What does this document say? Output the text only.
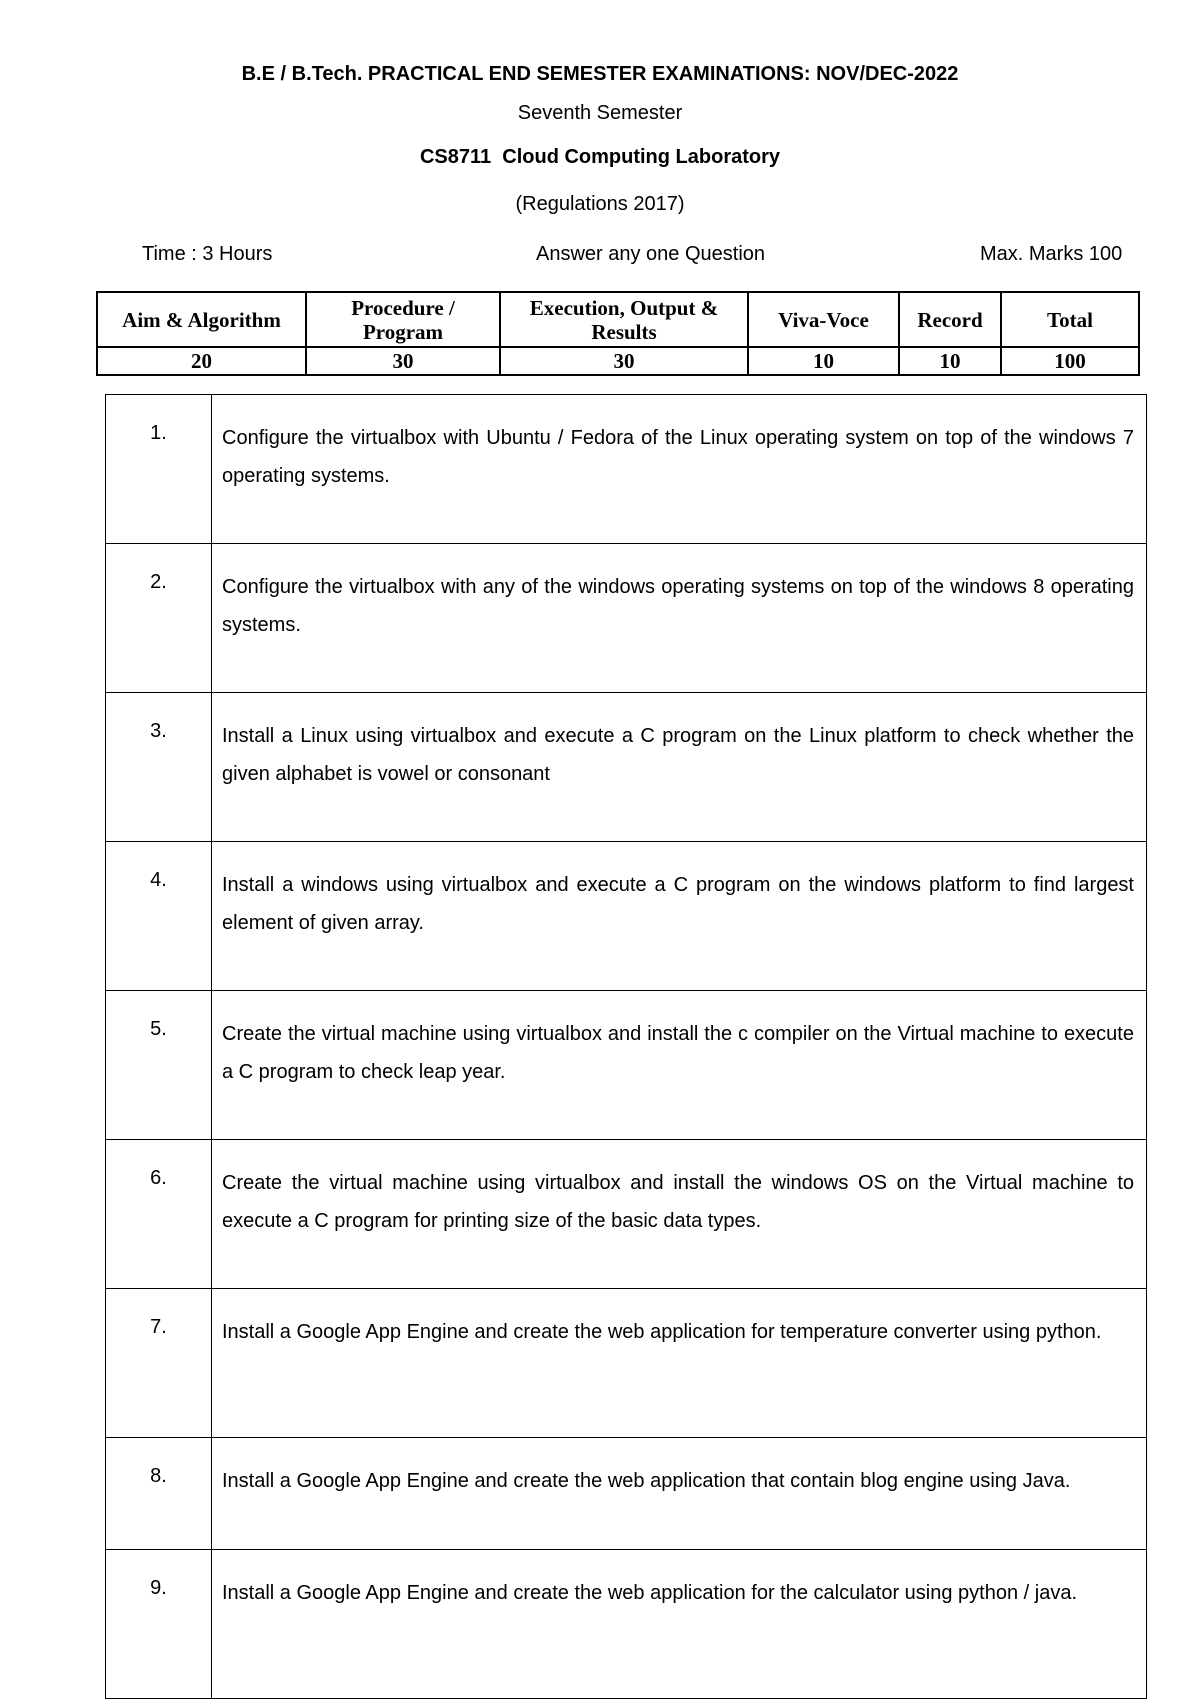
B.E / B.Tech. PRACTICAL END SEMESTER EXAMINATIONS: NOV/DEC-2022
Seventh Semester
CS8711  Cloud Computing Laboratory
(Regulations 2017)
Time : 3 Hours	Answer any one Question	Max. Marks 100
Aim & Algorithm	Procedure / Program	Execution, Output & Results	Viva-Voce	Record	Total
20	30	30	10	10	100
1.	Configure the virtualbox with Ubuntu / Fedora of the Linux operating system on top of the windows 7 operating systems.
2.	Configure the virtualbox with any of the windows operating systems on top of the windows 8 operating systems.
3.	Install a Linux using virtualbox and execute a C program on the Linux platform to check whether the given alphabet is vowel or consonant
4.	Install a windows using virtualbox and execute a C program on the windows platform to find largest element of given array.
5.	Create the virtual machine using virtualbox and install the c compiler on the Virtual machine to execute a C program to check leap year.
6.	Create the virtual machine using virtualbox and install the windows OS on the Virtual machine to execute a C program for printing size of the basic data types.
7.	Install a Google App Engine and create the web application for temperature converter using python.
8.	Install a Google App Engine and create the web application that contain blog engine using Java.
9.	Install a Google App Engine and create the web application for the calculator using python / java.
